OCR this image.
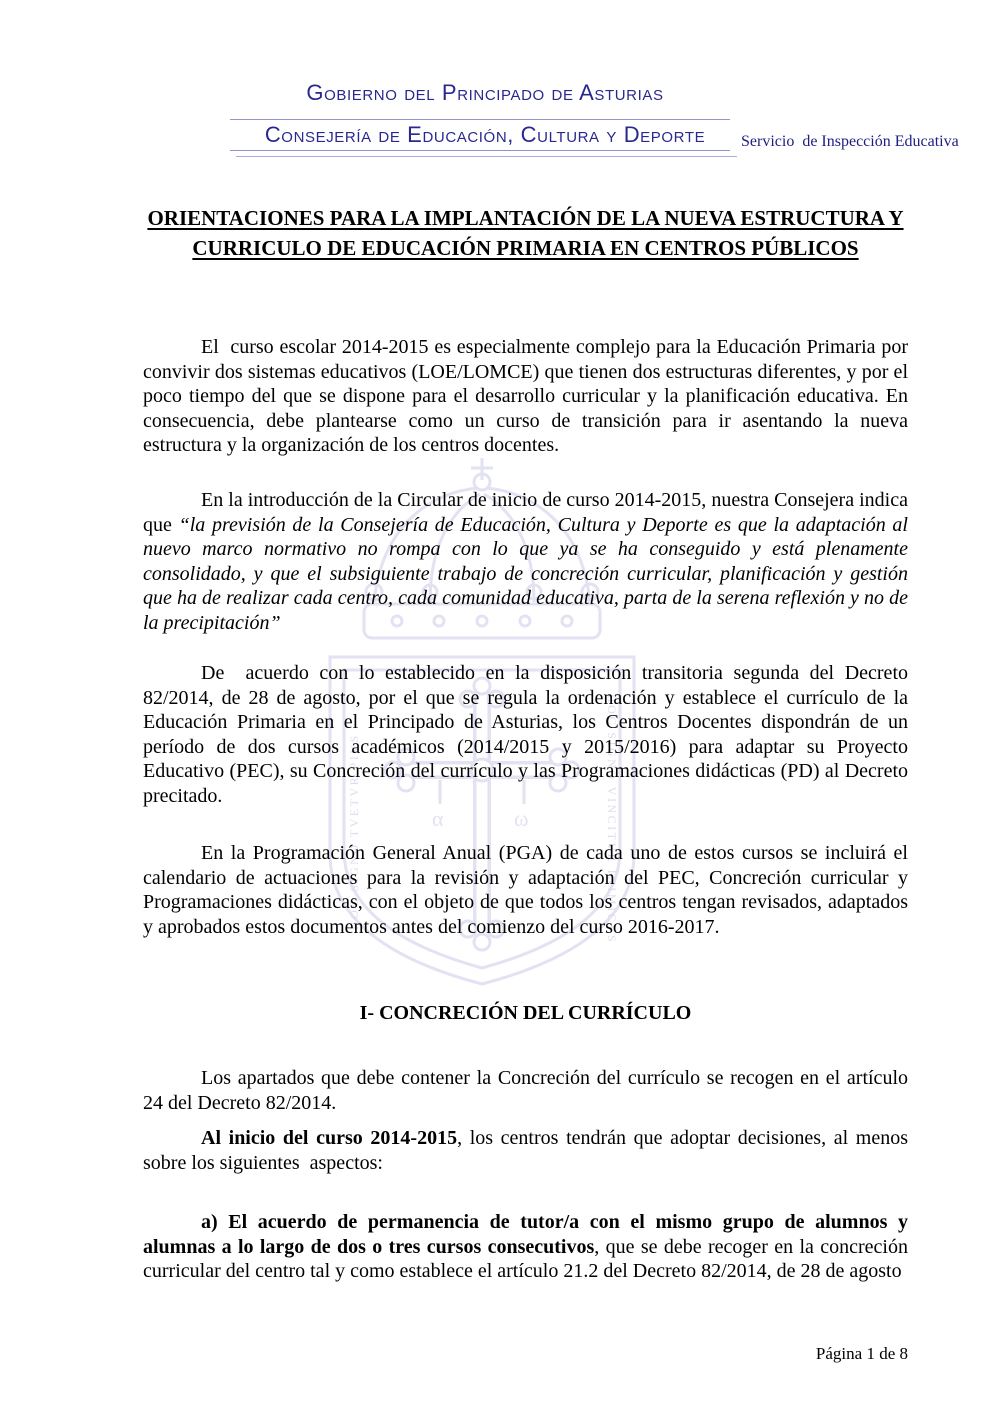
α	ω
HOC SIGNO TVETVR PIVS	HOC SIGNO VINCITVR INIMICVS
Gobierno del Principado de Asturias
Consejería de Educación, Cultura y Deporte	Servicio  de Inspección Educativa
ORIENTACIONES PARA LA IMPLANTACIÓN DE LA NUEVA ESTRUCTURA Y
CURRICULO DE EDUCACIÓN PRIMARIA EN CENTROS PÚBLICOS
El  curso escolar 2014-2015 es especialmente complejo para la Educación Primaria por convivir dos sistemas educativos (LOE/LOMCE) que tienen dos estructuras diferentes, y por el poco tiempo del que se dispone para el desarrollo curricular y la planificación educativa. En consecuencia, debe plantearse como un curso de transición para ir asentando la nueva estructura y la organización de los centros docentes.
En la introducción de la Circular de inicio de curso 2014-2015, nuestra Consejera indica que “la previsión de la Consejería de Educación, Cultura y Deporte es que la adaptación al nuevo marco normativo no rompa con lo que ya se ha conseguido y está plenamente consolidado, y que el subsiguiente trabajo de concreción curricular, planificación y gestión que ha de realizar cada centro, cada comunidad educativa, parta de la serena reflexión y no de la precipitación”
De  acuerdo con lo establecido en la disposición transitoria segunda del Decreto 82/2014, de 28 de agosto, por el que se regula la ordenación y establece el currículo de la Educación Primaria en el Principado de Asturias, los Centros Docentes dispondrán de un período de dos cursos académicos (2014/2015 y 2015/2016) para adaptar su Proyecto Educativo (PEC), su Concreción del currículo y las Programaciones didácticas (PD) al Decreto precitado.
En la Programación General Anual (PGA) de cada uno de estos cursos se incluirá el calendario de actuaciones para la revisión y adaptación del PEC, Concreción curricular y Programaciones didácticas, con el objeto de que todos los centros tengan revisados, adaptados y aprobados estos documentos antes del comienzo del curso 2016-2017.
I- CONCRECIÓN DEL CURRÍCULO
Los apartados que debe contener la Concreción del currículo se recogen en el artículo 24 del Decreto 82/2014.
Al inicio del curso 2014-2015, los centros tendrán que adoptar decisiones, al menos sobre los siguientes  aspectos:
a) El acuerdo de permanencia de tutor/a con el mismo grupo de alumnos y alumnas a lo largo de dos o tres cursos consecutivos, que se debe recoger en la concreción curricular del centro tal y como establece el artículo 21.2 del Decreto 82/2014, de 28 de agosto
Página 1 de 8
